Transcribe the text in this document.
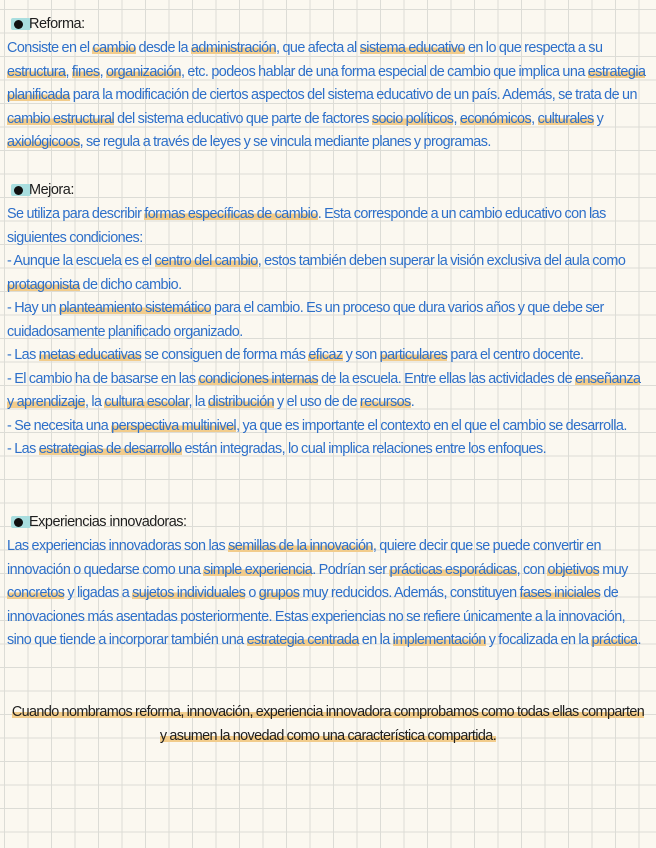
Reforma:

Consiste en el cambio desde la administración, que afecta al sistema educativo en lo que respecta a su estructura, fines, organización, etc. podeos hablar de una forma especial de cambio que implica una estrategia planificada para la modificación de ciertos aspectos del sistema educativo de un país. Además, se trata de un cambio estructural del sistema educativo que parte de factores socio políticos, económicos, culturales y axiológicoos, se regula a través de leyes y se vincula mediante planes y programas.

Mejora:

Se utiliza para describir formas específicas de cambio. Esta corresponde a un cambio educativo con las siguientes condiciones:
- Aunque la escuela es el centro del cambio, estos también deben superar la visión exclusiva del aula como protagonista de dicho cambio.
- Hay un planteamiento sistemático para el cambio. Es un proceso que dura varios años y que debe ser cuidadosamente planificado organizado.
- Las metas educativas se consiguen de forma más eficaz y son particulares para el centro docente.
- El cambio ha de basarse en las condiciones internas de la escuela. Entre ellas las actividades de enseñanza y aprendizaje, la cultura escolar, la distribución y el uso de de recursos.
- Se necesita una perspectiva multinivel, ya que es importante el contexto en el que el cambio se desarrolla.
- Las estrategias de desarrollo están integradas, lo cual implica relaciones entre los enfoques.

Experiencias innovadoras:

Las experiencias innovadoras son las semillas de la innovación, quiere decir que se puede convertir en innovación o quedarse como una simple experiencia. Podrían ser prácticas esporádicas, con objetivos muy concretos y ligadas a sujetos individuales o grupos muy reducidos. Además, constituyen fases iniciales de innovaciones más asentadas posteriormente. Estas experiencias no se refiere únicamente a la innovación, sino que tiende a incorporar también una estrategia centrada en la implementación y focalizada en la práctica.

Cuando nombramos reforma, innovación, experiencia innovadora comprobamos como todas ellas comparten y asumen la novedad como una característica compartida.
